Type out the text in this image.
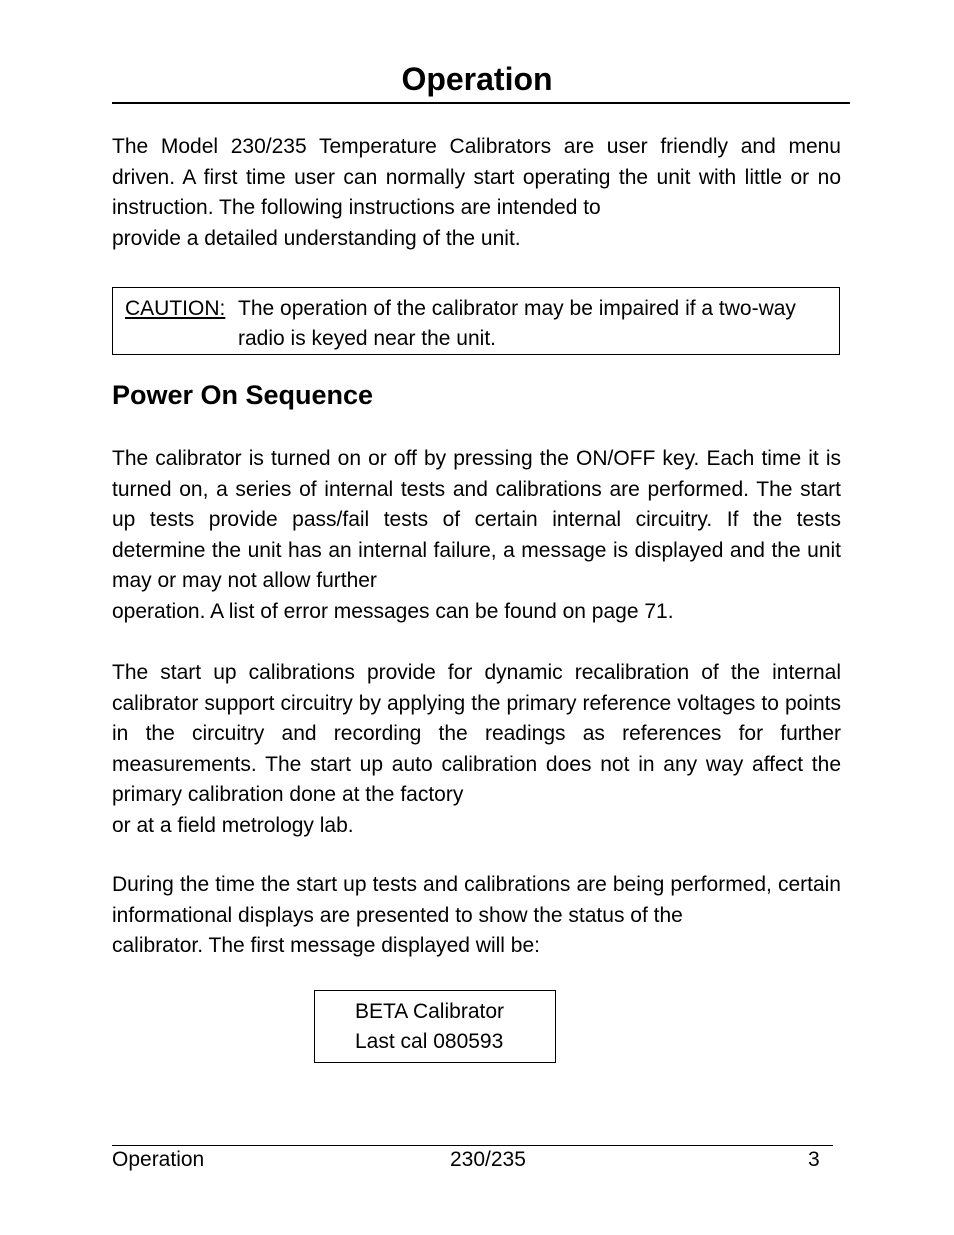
Operation

The Model 230/235 Temperature Calibrators are user friendly and menu driven. A first time user can normally start operating the unit with little or no instruction. The following instructions are intended to
provide a detailed understanding of the unit.

CAUTION: The operation of the calibrator may be impaired if a two-way radio is keyed near the unit.
Power On Sequence

The calibrator is turned on or off by pressing the ON/OFF key. Each time it is turned on, a series of internal tests and calibrations are performed. The start up tests provide pass/fail tests of certain internal circuitry. If the tests determine the unit has an internal failure, a message is displayed and the unit may or may not allow further
operation. A list of error messages can be found on page 71.

The start up calibrations provide for dynamic recalibration of the internal calibrator support circuitry by applying the primary reference voltages to points in the circuitry and recording the readings as references for further measurements. The start up auto calibration does not in any way affect the primary calibration done at the factory
or at a field metrology lab.

During the time the start up tests and calibrations are being performed, certain informational displays are presented to show the status of the
calibrator. The first message displayed will be:

BETA Calibrator
Last cal 080593
Operation	230/235	3
